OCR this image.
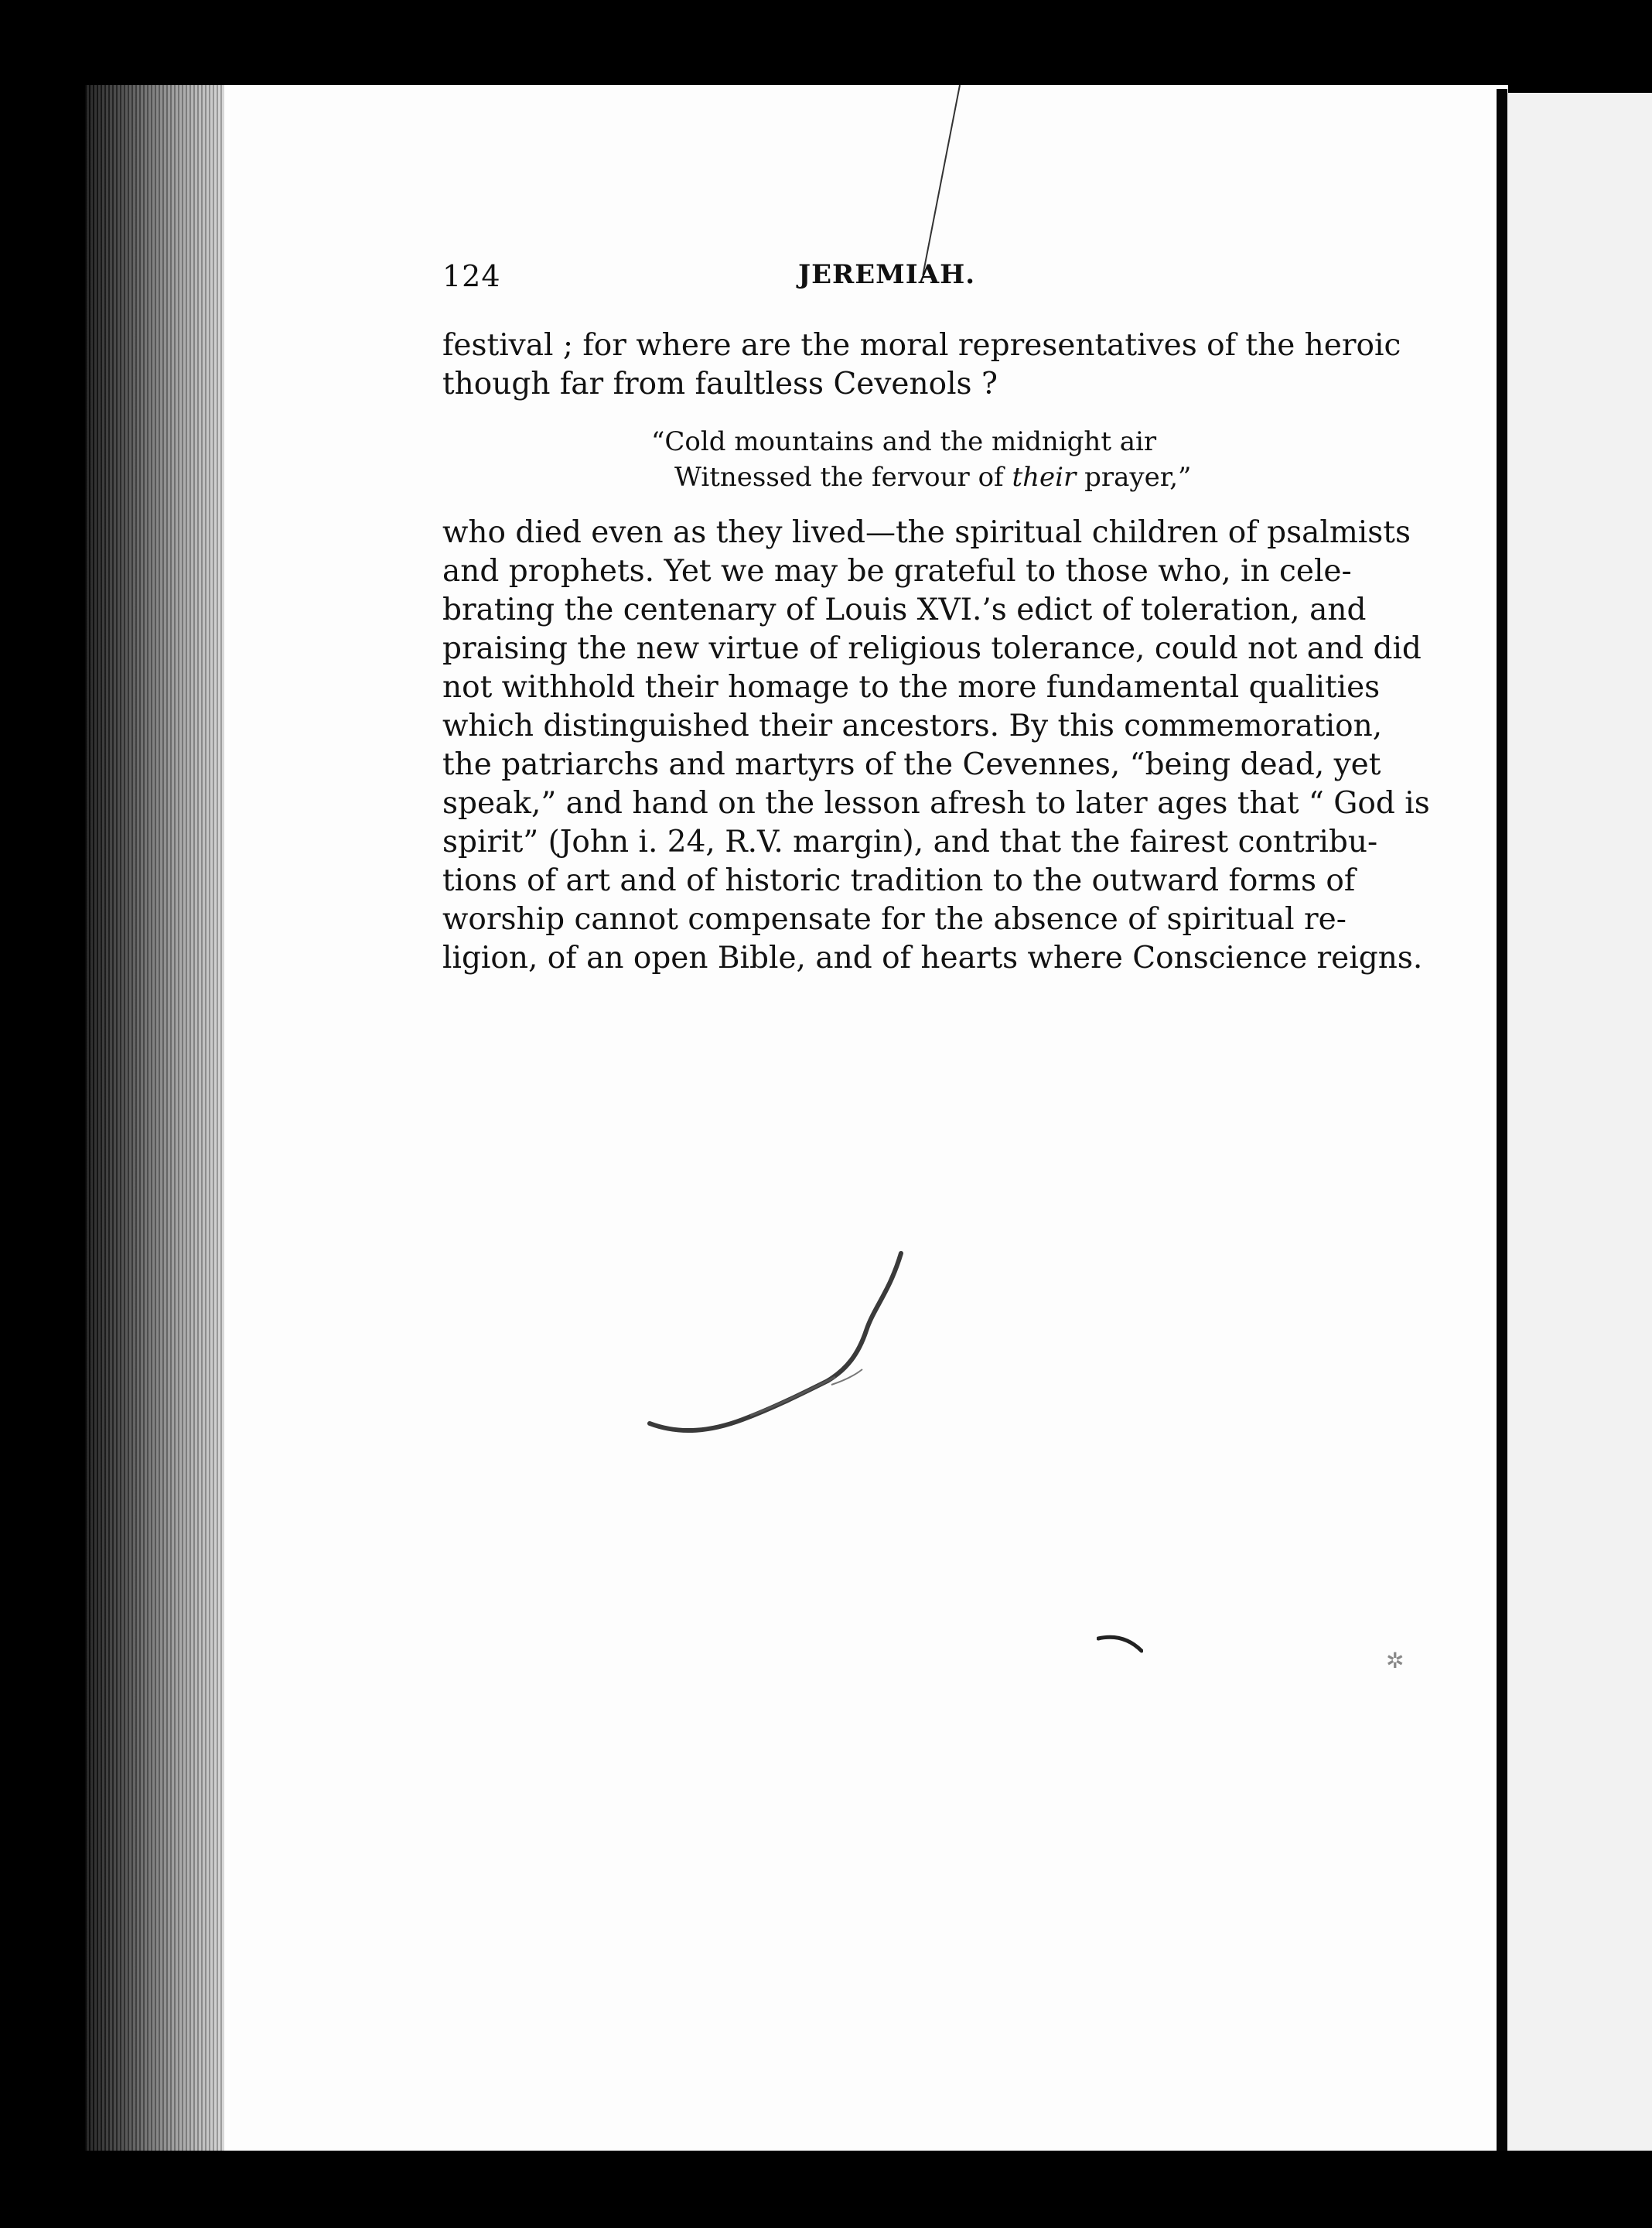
124	JEREMIAH.
festival ; for where are the moral representatives of the heroic
though far from faultless Cevenols ?
“Cold mountains and the midnight air
Witnessed the fervour of their prayer,”
who died even as they lived—the spiritual children of psalmists
and prophets. Yet we may be grateful to those who, in cele-
brating the centenary of Louis XVI.’s edict of toleration, and
praising the new virtue of religious tolerance, could not and did
not withhold their homage to the more fundamental qualities
which distinguished their ancestors. By this commemoration,
the patriarchs and martyrs of the Cevennes, “being dead, yet
speak,” and hand on the lesson afresh to later ages that “ God is
spirit” (John i. 24, R.V. margin), and that the fairest contribu-
tions of art and of historic tradition to the outward forms of
worship cannot compensate for the absence of spiritual re-
ligion, of an open Bible, and of hearts where Conscience reigns.
✲
